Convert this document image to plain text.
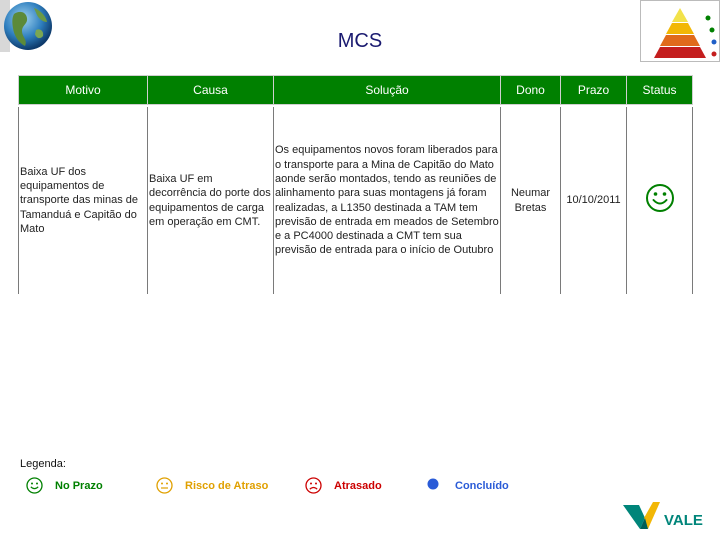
MCS
Motivo	Causa	Solução	Dono	Prazo	Status

Baixa UF dos equipamentos de transporte das minas de Tamanduá e Capitão do Mato	Baixa UF em decorrência do porte dos equipamentos de carga em operação em CMT.	Os equipamentos novos foram liberados para o transporte para a Mina de Capitão do Mato aonde serão montados, tendo as reuniões de alinhamento para suas montagens já foram realizadas, a L1350 destinada a TAM tem previsão de entrada em meados de Setembro e a PC4000 destinada a CMT tem sua previsão de entrada para o início de Outubro	Neumar Bretas	10/10/2011	
Legenda:
No Prazo	Risco de Atraso	Atrasado	Concluído
VALE
